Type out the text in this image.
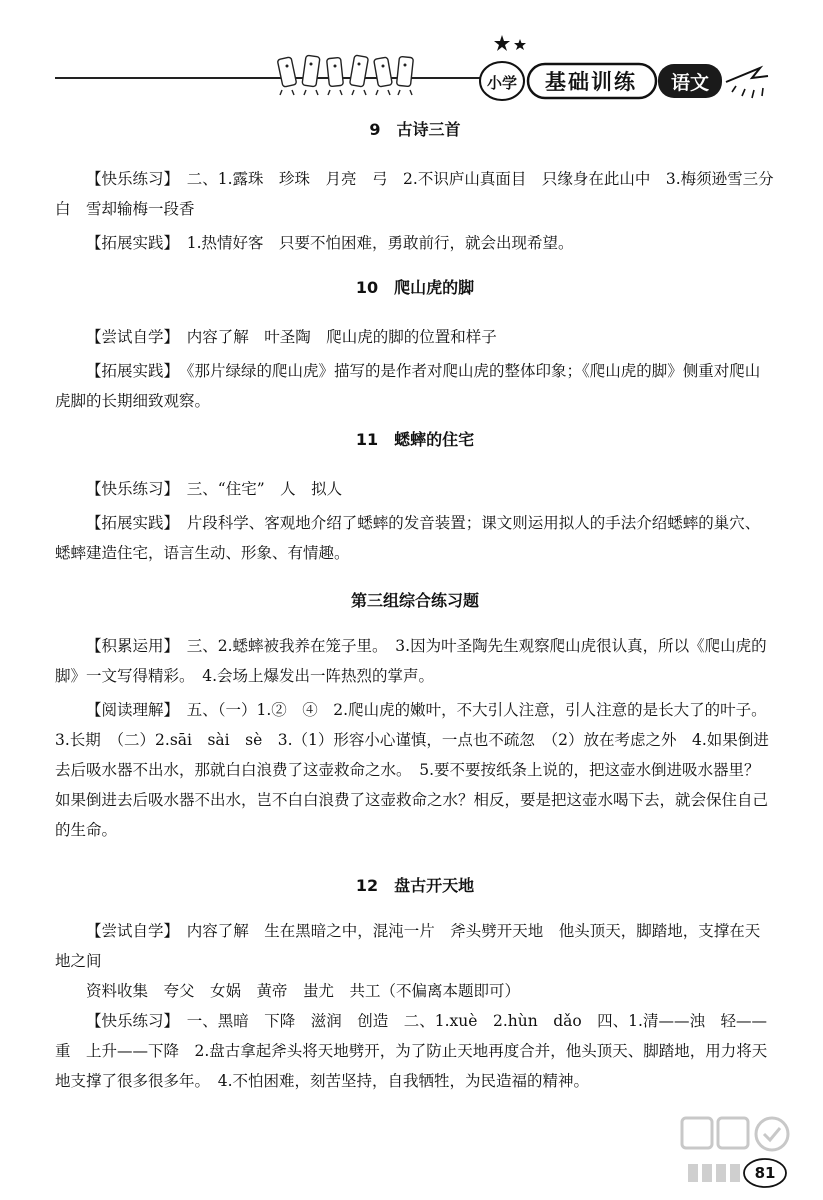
小学	基础训练	语文

9　古诗三首

【快乐练习】　二、1.露珠　珍珠　月亮　弓　2.不识庐山真面目　只缘身在此山中　3.梅须逊雪三分白　雪却输梅一段香

【拓展实践】　1.热情好客　只要不怕困难，勇敢前行，就会出现希望。

10　爬山虎的脚

【尝试自学】　内容了解　叶圣陶　爬山虎的脚的位置和样子

【拓展实践】　《那片绿绿的爬山虎》描写的是作者对爬山虎的整体印象；《爬山虎的脚》侧重对爬山虎脚的长期细致观察。

11　蟋蟀的住宅

【快乐练习】　三、“住宅”　人　拟人

【拓展实践】　片段科学、客观地介绍了蟋蟀的发音装置；课文则运用拟人的手法介绍蟋蟀的巢穴、蟋蟀建造住宅，语言生动、形象、有情趣。

第三组综合练习题

【积累运用】　三、2.蟋蟀被我养在笼子里。　3.因为叶圣陶先生观察爬山虎很认真，所以《爬山虎的脚》一文写得精彩。　4.会场上爆发出一阵热烈的掌声。

【阅读理解】　五、（一）1.②　④　2.爬山虎的嫩叶，不大引人注意，引人注意的是长大了的叶子。　3.长期　（二）2.sāi　sài　sè　3.（1）形容小心谨慎，一点也不疏忽　（2）放在考虑之外　4.如果倒进去后吸水器不出水，那就白白浪费了这壶救命之水。　5.要不要按纸条上说的，把这壶水倒进吸水器里？如果倒进去后吸水器不出水，岂不白白浪费了这壶救命之水？相反，要是把这壶水喝下去，就会保住自己的生命。

12　盘古开天地

【尝试自学】　内容了解　生在黑暗之中，混沌一片　斧头劈开天地　他头顶天，脚踏地，支撑在天地之间

资料收集　夸父　女娲　黄帝　蚩尤　共工（不偏离本题即可）

【快乐练习】　一、黑暗　下降　滋润　创造　二、1.xuè　2.hùn　dǎo　四、1.清——浊　轻——重　上升——下降　2.盘古拿起斧头将天地劈开，为了防止天地再度合并，他头顶天、脚踏地，用力将天地支撑了很多很多年。　4.不怕困难，刻苦坚持，自我牺牲，为民造福的精神。

81
